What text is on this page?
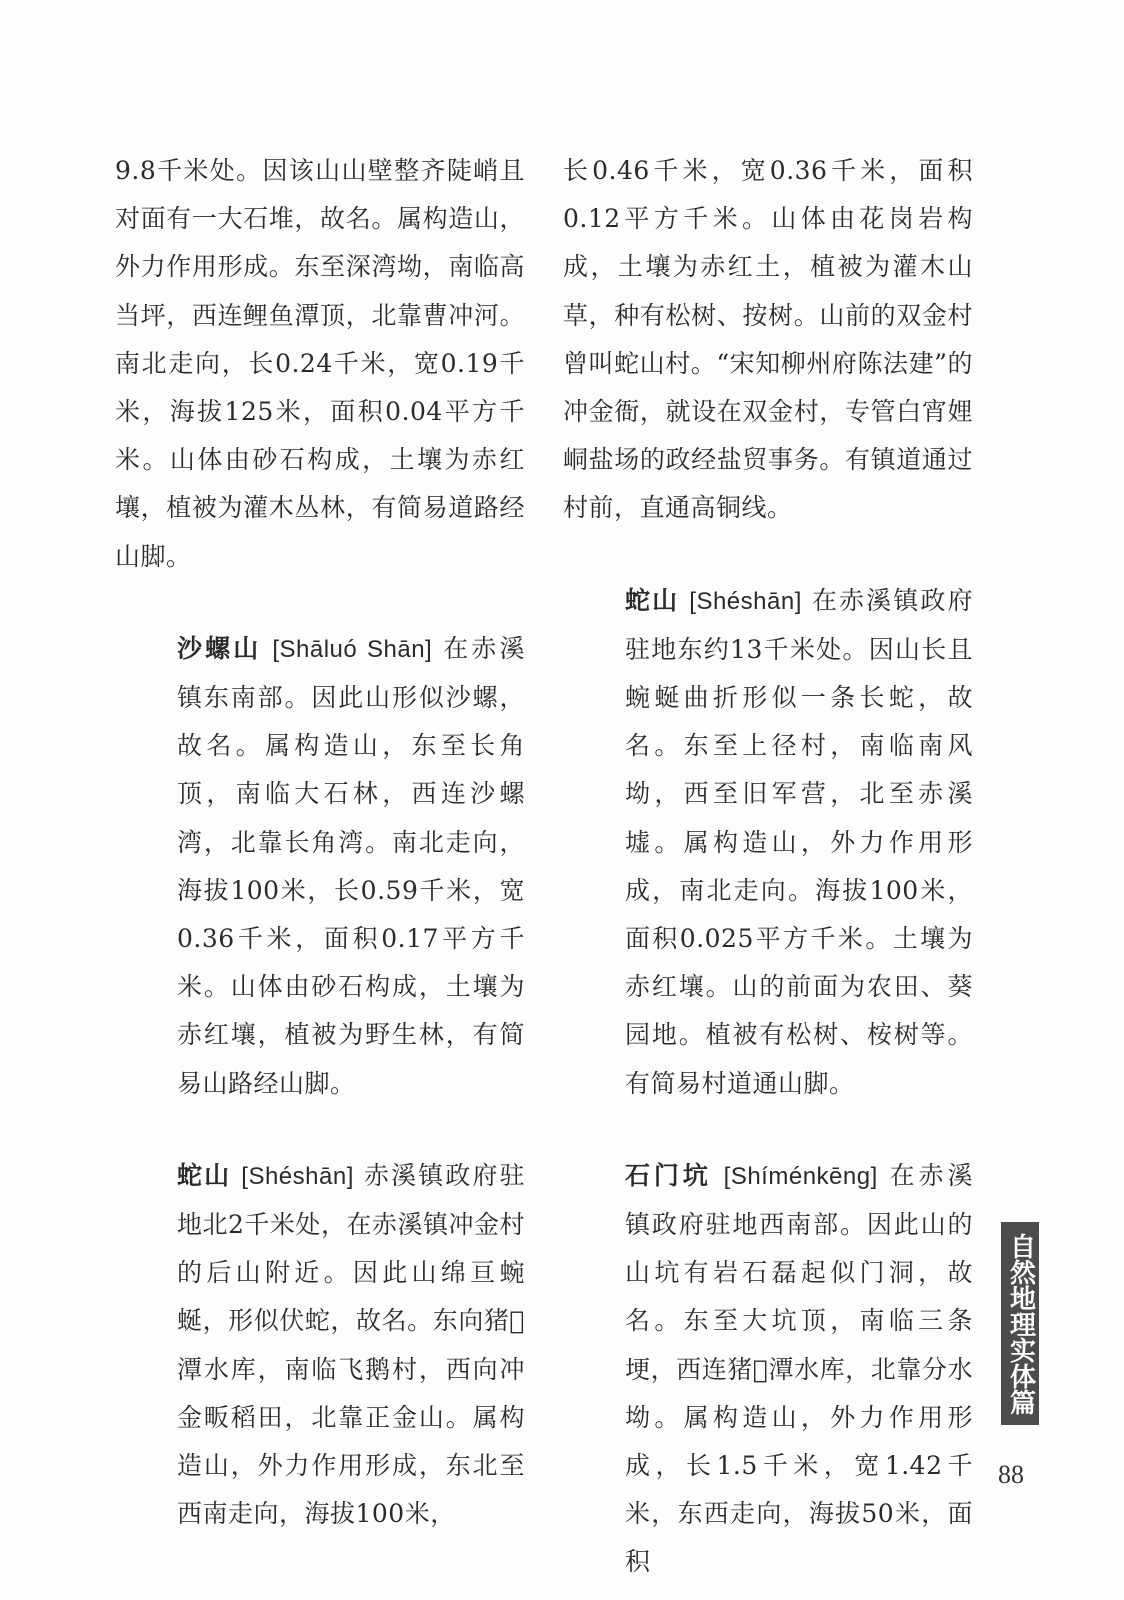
9.8千米处。因该山山壁整齐陡峭且对面有一大石堆，故名。属构造山，外力作用形成。东至深湾坳，南临高当坪，西连鲤鱼潭顶，北靠曹冲河。南北走向，长0.24千米，宽0.19千米，海拔125米，面积0.04平方千米。山体由砂石构成，土壤为赤红壤，植被为灌木丛林，有简易道路经山脚。

沙螺山 [Shāluó Shān] 在赤溪镇东南部。因此山形似沙螺，故名。属构造山，东至长角顶，南临大石林，西连沙螺湾，北靠长角湾。南北走向，海拔100米，长0.59千米，宽0.36千米，面积0.17平方千米。山体由砂石构成，土壤为赤红壤，植被为野生林，有简易山路经山脚。

蛇山 [Shéshān] 赤溪镇政府驻地北2千米处，在赤溪镇冲金村的后山附近。因此山绵亘蜿蜒，形似伏蛇，故名。东向猪𪁬潭水库，南临飞鹅村，西向冲金畈稻田，北靠正金山。属构造山，外力作用形成，东北至西南走向，海拔100米，

长0.46千米，宽0.36千米，面积0.12平方千米。山体由花岗岩构成，土壤为赤红土，植被为灌木山草，种有松树、按树。山前的双金村曾叫蛇山村。“宋知柳州府陈法建”的冲金衙，就设在双金村，专管白宵娌峒盐场的政经盐贸事务。有镇道通过村前，直通高铜线。

蛇山 [Shéshān] 在赤溪镇政府驻地东约13千米处。因山长且蜿蜒曲折形似一条长蛇，故名。东至上径村，南临南风坳，西至旧军营，北至赤溪墟。属构造山，外力作用形成，南北走向。海拔100米，面积0.025平方千米。土壤为赤红壤。山的前面为农田、葵园地。植被有松树、桉树等。有简易村道通山脚。

石门坑 [Shíménkēng] 在赤溪镇政府驻地西南部。因此山的山坑有岩石磊起似门洞，故名。东至大坑顶，南临三条埂，西连猪𪁬潭水库，北靠分水坳。属构造山，外力作用形成，长1.5千米，宽1.42千米，东西走向，海拔50米，面积

自然地理实体篇
88
